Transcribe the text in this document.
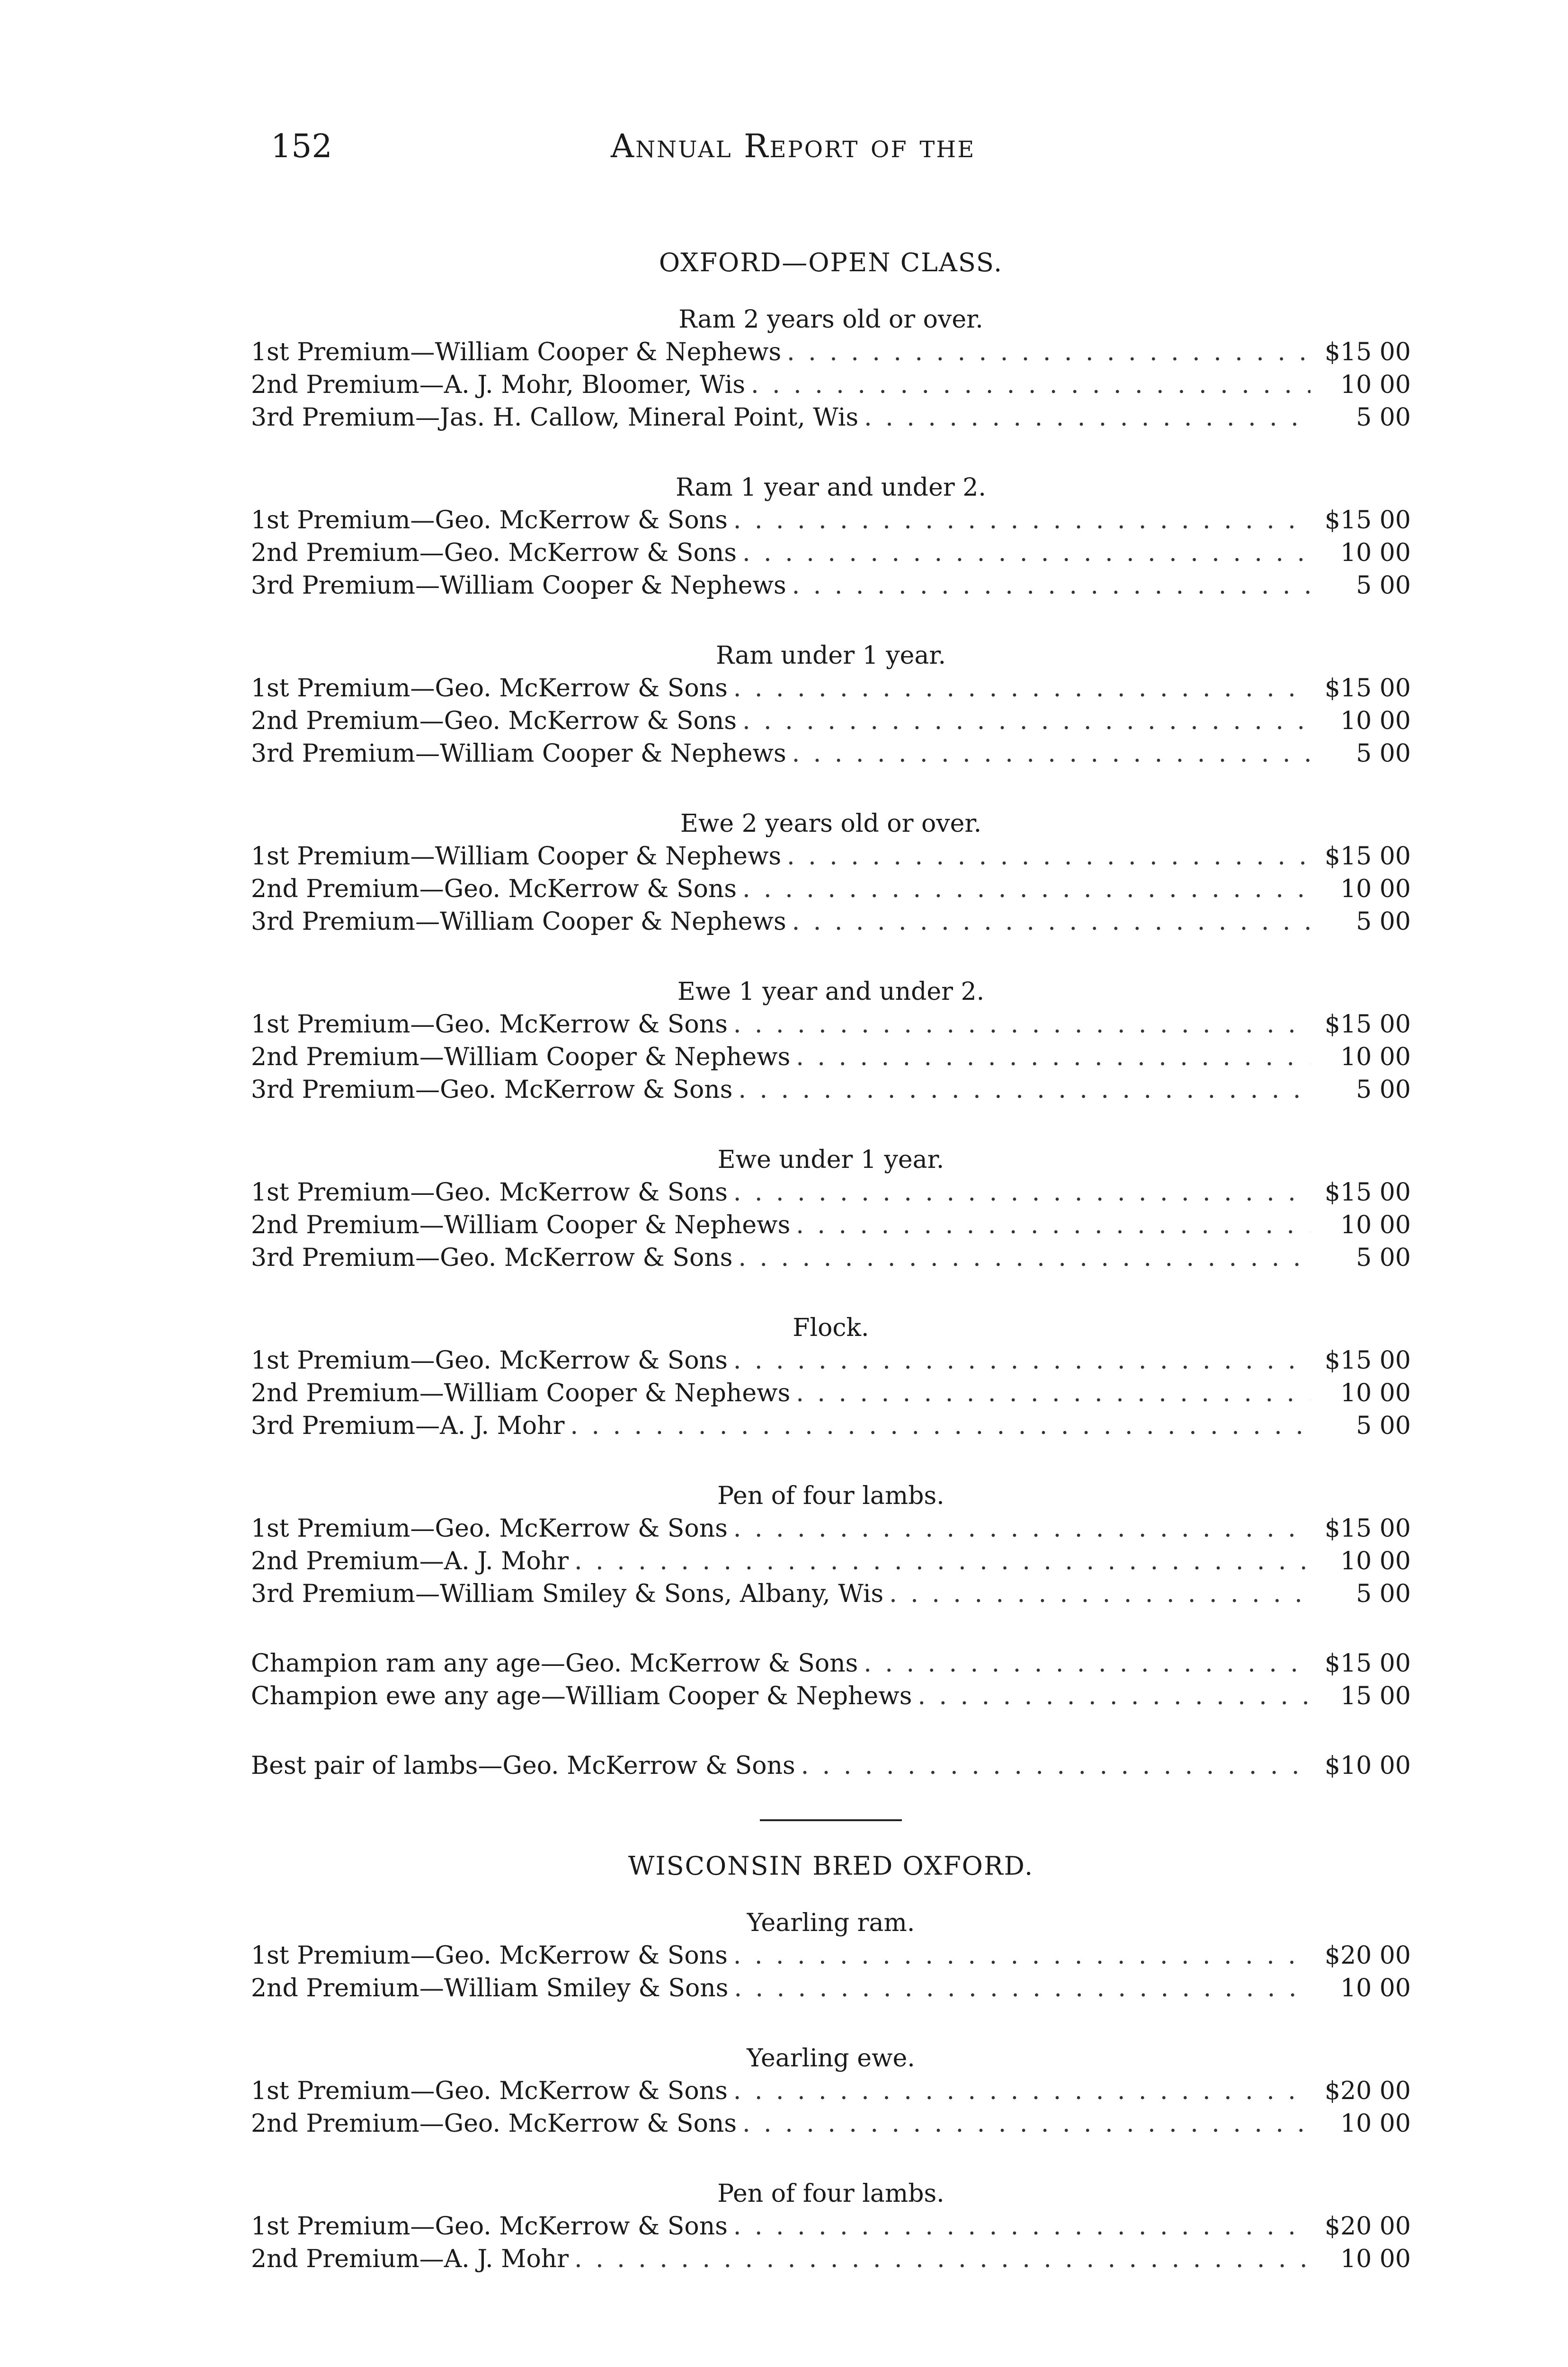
152	Annual Report of the
OXFORD—OPEN CLASS.
Ram 2 years old or over.
1st Premium—William Cooper & Nephews . . .	$15 00
2nd Premium—A. J. Mohr, Bloomer, Wis . . .	10 00
3rd Premium—Jas. H. Callow, Mineral Point, Wis . . .	5 00
Ram 1 year and under 2.
1st Premium—Geo. McKerrow & Sons . . .	$15 00
2nd Premium—Geo. McKerrow & Sons . . .	10 00
3rd Premium—William Cooper & Nephews . . .	5 00
Ram under 1 year.
1st Premium—Geo. McKerrow & Sons . . .	$15 00
2nd Premium—Geo. McKerrow & Sons . . .	10 00
3rd Premium—William Cooper & Nephews . . .	5 00
Ewe 2 years old or over.
1st Premium—William Cooper & Nephews . . .	$15 00
2nd Premium—Geo. McKerrow & Sons . . .	10 00
3rd Premium—William Cooper & Nephews . . .	5 00
Ewe 1 year and under 2.
1st Premium—Geo. McKerrow & Sons . . .	$15 00
2nd Premium—William Cooper & Nephews . . .	10 00
3rd Premium—Geo. McKerrow & Sons . . .	5 00
Ewe under 1 year.
1st Premium—Geo. McKerrow & Sons . . .	$15 00
2nd Premium—William Cooper & Nephews . . .	10 00
3rd Premium—Geo. McKerrow & Sons . . .	5 00
Flock.
1st Premium—Geo. McKerrow & Sons . . .	$15 00
2nd Premium—William Cooper & Nephews . . .	10 00
3rd Premium—A. J. Mohr . . .	5 00
Pen of four lambs.
1st Premium—Geo. McKerrow & Sons . . .	$15 00
2nd Premium—A. J. Mohr . . .	10 00
3rd Premium—William Smiley & Sons, Albany, Wis . . .	5 00
Champion ram any age—Geo. McKerrow & Sons . . .	$15 00
Champion ewe any age—William Cooper & Nephews . . .	15 00
Best pair of lambs—Geo. McKerrow & Sons . . .	$10 00
WISCONSIN BRED OXFORD.
Yearling ram.
1st Premium—Geo. McKerrow & Sons . . .	$20 00
2nd Premium—William Smiley & Sons . . .	10 00
Yearling ewe.
1st Premium—Geo. McKerrow & Sons . . .	$20 00
2nd Premium—Geo. McKerrow & Sons . . .	10 00
Pen of four lambs.
1st Premium—Geo. McKerrow & Sons . . .	$20 00
2nd Premium—A. J. Mohr . . .	10 00
